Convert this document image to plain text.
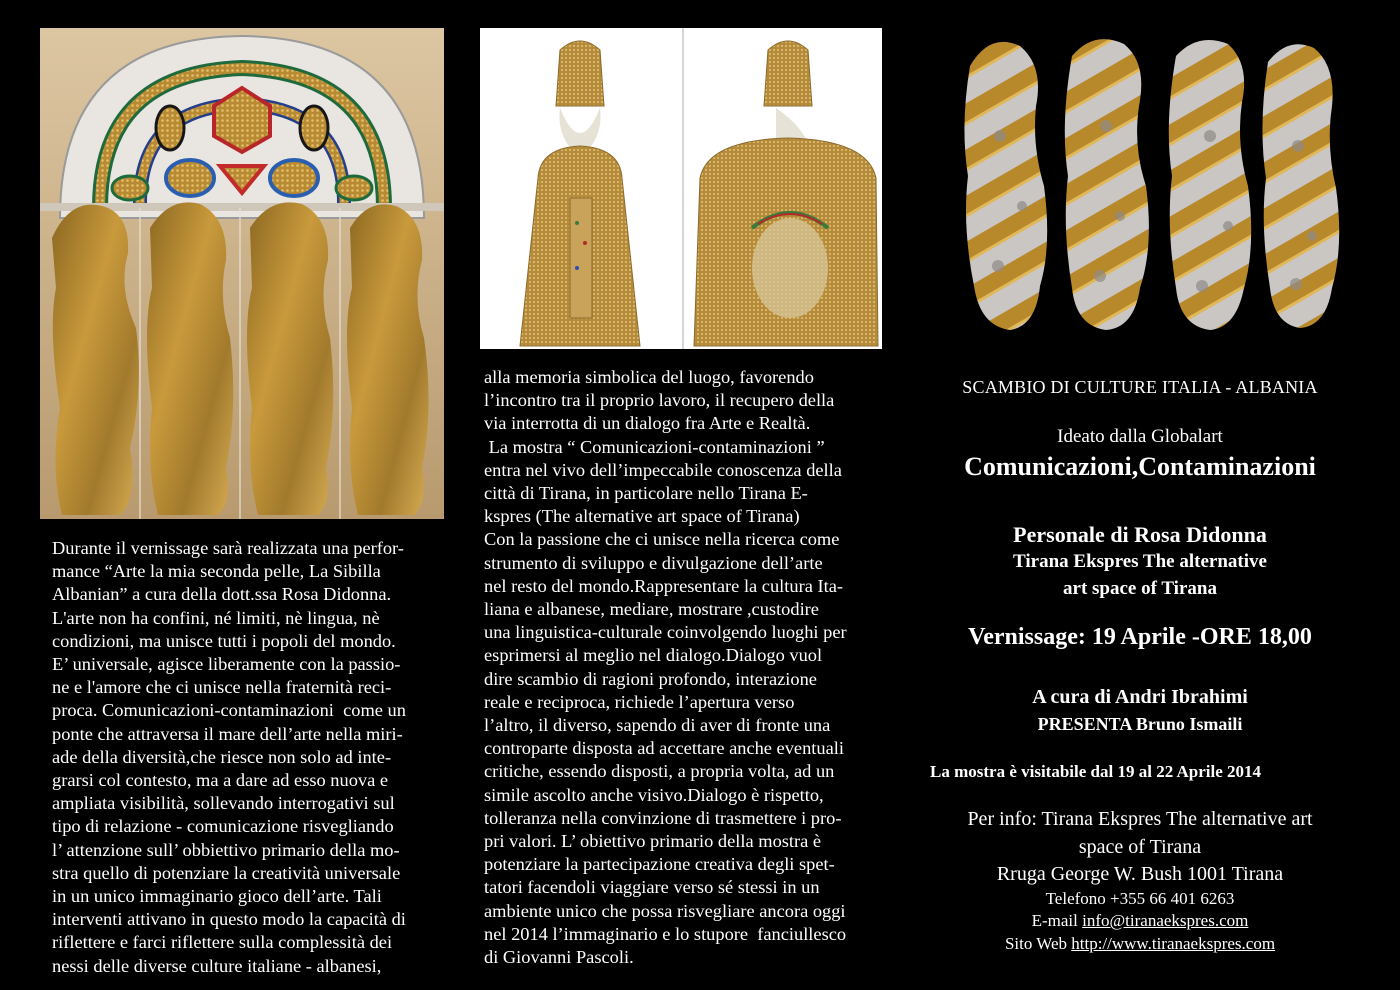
Durante il vernissage sarà realizzata una perfor-
mance “Arte la mia seconda pelle, La Sibilla
Albanian” a cura della dott.ssa Rosa Didonna.
L'arte non ha confini, né limiti, nè lingua, nè
condizioni, ma unisce tutti i popoli del mondo.
E’ universale, agisce liberamente con la passio-
ne e l'amore che ci unisce nella fraternità reci-
proca. Comunicazioni-contaminazioni  come un
ponte che attraversa il mare dell’arte nella miri-
ade della diversità,che riesce non solo ad inte-
grarsi col contesto, ma a dare ad esso nuova e
ampliata visibilità, sollevando interrogativi sul
tipo di relazione - comunicazione risvegliando
l’ attenzione sull’ obbiettivo primario della mo-
stra quello di potenziare la creatività universale
in un unico immaginario gioco dell’arte. Tali
interventi attivano in questo modo la capacità di
riflettere e farci riflettere sulla complessità dei
nessi delle diverse culture italiane - albanesi,
alla memoria simbolica del luogo, favorendo
l’incontro tra il proprio lavoro, il recupero della
via interrotta di un dialogo fra Arte e Realtà.
La mostra “ Comunicazioni-contaminazioni ”
entra nel vivo dell’impeccabile conoscenza della
città di Tirana, in particolare nello Tirana E-
kspres (The alternative art space of Tirana)
Con la passione che ci unisce nella ricerca come
strumento di sviluppo e divulgazione dell’arte
nel resto del mondo.Rappresentare la cultura Ita-
liana e albanese, mediare, mostrare ,custodire
una linguistica-culturale coinvolgendo luoghi per
esprimersi al meglio nel dialogo.Dialogo vuol
dire scambio di ragioni profondo, interazione
reale e reciproca, richiede l’apertura verso
l’altro, il diverso, sapendo di aver di fronte una
controparte disposta ad accettare anche eventuali
critiche, essendo disposti, a propria volta, ad un
simile ascolto anche visivo.Dialogo è rispetto,
tolleranza nella convinzione di trasmettere i pro-
pri valori. L’ obiettivo primario della mostra è
potenziare la partecipazione creativa degli spet-
tatori facendoli viaggiare verso sé stessi in un
ambiente unico che possa risvegliare ancora oggi
nel 2014 l’immaginario e lo stupore  fanciullesco
di Giovanni Pascoli.
SCAMBIO DI CULTURE ITALIA - ALBANIA
Ideato dalla Globalart
Comunicazioni,Contaminazioni
Personale di Rosa Didonna
Tirana Ekspres The alternative
art space of Tirana
Vernissage: 19 Aprile -ORE 18,00
A cura di Andri Ibrahimi
PRESENTA Bruno Ismaili
La mostra è visitabile dal 19 al 22 Aprile 2014
Per info: Tirana Ekspres The alternative art
space of Tirana
Rruga George W. Bush 1001 Tirana
Telefono +355 66 401 6263
E-mail info@tiranaekspres.com
Sito Web http://www.tiranaekspres.com
